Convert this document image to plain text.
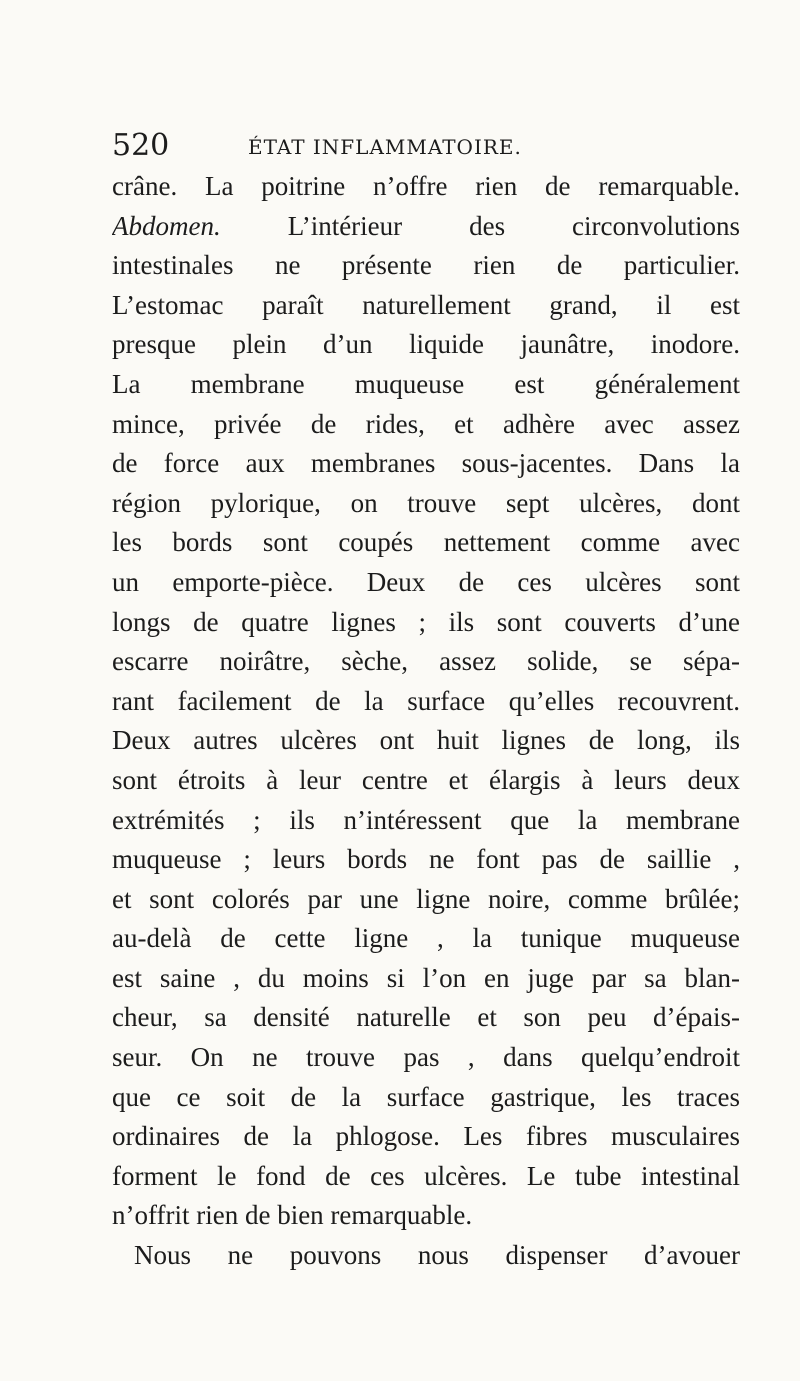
520	ÉTAT INFLAMMATOIRE.
crâne. La poitrine n’offre rien de remarquable.
Abdomen. L’intérieur des circonvolutions
intestinales ne présente rien de particulier.
L’estomac paraît naturellement grand, il est
presque plein d’un liquide jaunâtre, inodore.
La membrane muqueuse est généralement
mince, privée de rides, et adhère avec assez
de force aux membranes sous-jacentes. Dans la
région pylorique, on trouve sept ulcères, dont
les bords sont coupés nettement comme avec
un emporte-pièce. Deux de ces ulcères sont
longs de quatre lignes ; ils sont couverts d’une
escarre noirâtre, sèche, assez solide, se sépa-
rant facilement de la surface qu’elles recouvrent.
Deux autres ulcères ont huit lignes de long, ils
sont étroits à leur centre et élargis à leurs deux
extrémités ; ils n’intéressent que la membrane
muqueuse ; leurs bords ne font pas de saillie ,
et sont colorés par une ligne noire, comme brûlée;
au-delà de cette ligne , la tunique muqueuse
est saine , du moins si l’on en juge par sa blan-
cheur, sa densité naturelle et son peu d’épais-
seur. On ne trouve pas , dans quelqu’endroit
que ce soit de la surface gastrique, les traces
ordinaires de la phlogose. Les fibres musculaires
forment le fond de ces ulcères. Le tube intestinal
n’offrit rien de bien remarquable.
Nous ne pouvons nous dispenser d’avouer
